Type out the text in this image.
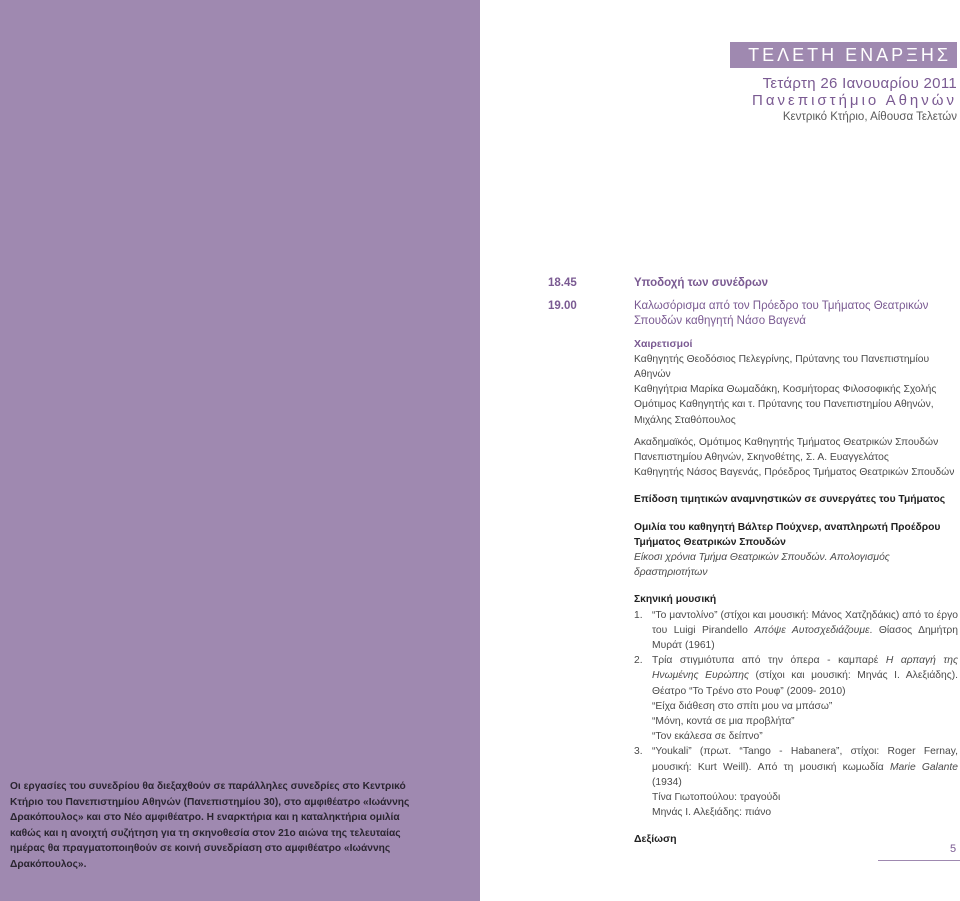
Οι εργασίες του συνεδρίου θα διεξαχθούν σε παράλληλες συνεδρίες στο Κεντρικό Κτήριο του Πανεπιστημίου Αθηνών (Πανεπιστημίου 30), στο αμφιθέατρο «Ιωάννης Δρακόπουλος» και στο Νέο αμφιθέατρο. Η εναρκτήρια και η καταληκτήρια ομιλία καθώς και η ανοιχτή συζήτηση για τη σκηνοθεσία στον 21ο αιώνα της τελευταίας ημέρας θα πραγματοποιηθούν σε κοινή συνεδρίαση στο αμφιθέατρο «Ιωάννης Δρακόπουλος».
ΤΕΛΕΤΗ ΕΝΑΡΞΗΣ
Τετάρτη 26 Ιανουαρίου 2011
Πανεπιστήμιο Αθηνών
Κεντρικό Κτήριο, Αίθουσα Τελετών
18.45	Υποδοχή των συνέδρων
19.00	Καλωσόρισμα από τον Πρόεδρο του Τμήματος Θεατρικών Σπουδών καθηγητή Νάσο Βαγενά
Χαιρετισμοί
Καθηγητής Θεοδόσιος Πελεγρίνης, Πρύτανης του Πανεπιστημίου Αθηνών
Καθηγήτρια Μαρίκα Θωμαδάκη, Κοσμήτορας Φιλοσοφικής Σχολής
Ομότιμος Καθηγητής και τ. Πρύτανης του Πανεπιστημίου Αθηνών, Μιχάλης Σταθόπουλος
Ακαδημαϊκός, Ομότιμος Καθηγητής Τμήματος Θεατρικών Σπουδών Πανεπιστημίου Αθηνών, Σκηνοθέτης, Σ. Α. Ευαγγελάτος
Καθηγητής Νάσος Βαγενάς, Πρόεδρος Τμήματος Θεατρικών Σπουδών
Επίδοση τιμητικών αναμνηστικών σε συνεργάτες του Τμήματος
Ομιλία του καθηγητή Βάλτερ Πούχνερ, αναπληρωτή Προέδρου Τμήματος Θεατρικών Σπουδών
Είκοσι χρόνια Τμήμα Θεατρικών Σπουδών. Απολογισμός δραστηριοτήτων
Σκηνική μουσική
1. “Το μαντολίνο” (στίχοι και μουσική: Μάνος Χατζηδάκις) από το έργο του Luigi Pirandello Απόψε Αυτοσχεδιάζουμε. Θίασος Δημήτρη Μυράτ (1961)
2. Τρία στιγμιότυπα από την όπερα - καμπαρέ Η αρπαγή της Ηνωμένης Ευρώπης (στίχοι και μουσική: Μηνάς Ι. Αλεξιάδης). Θέατρο “Το Τρένο στο Ρουφ” (2009- 2010)
“Είχα διάθεση στο σπίτι μου να μπάσω”
“Μόνη, κοντά σε μια προβλήτα”
“Τον εκάλεσα σε δείπνο”
3. “Youkali” (πρωτ. “Tango - Habanera”, στίχοι: Roger Fernay, μουσική: Kurt Weill). Από τη μουσική κωμωδία Marie Galante (1934)
Τίνα Γιωτοπούλου: τραγούδι
Μηνάς Ι. Αλεξιάδης: πιάνο
Δεξίωση
5
